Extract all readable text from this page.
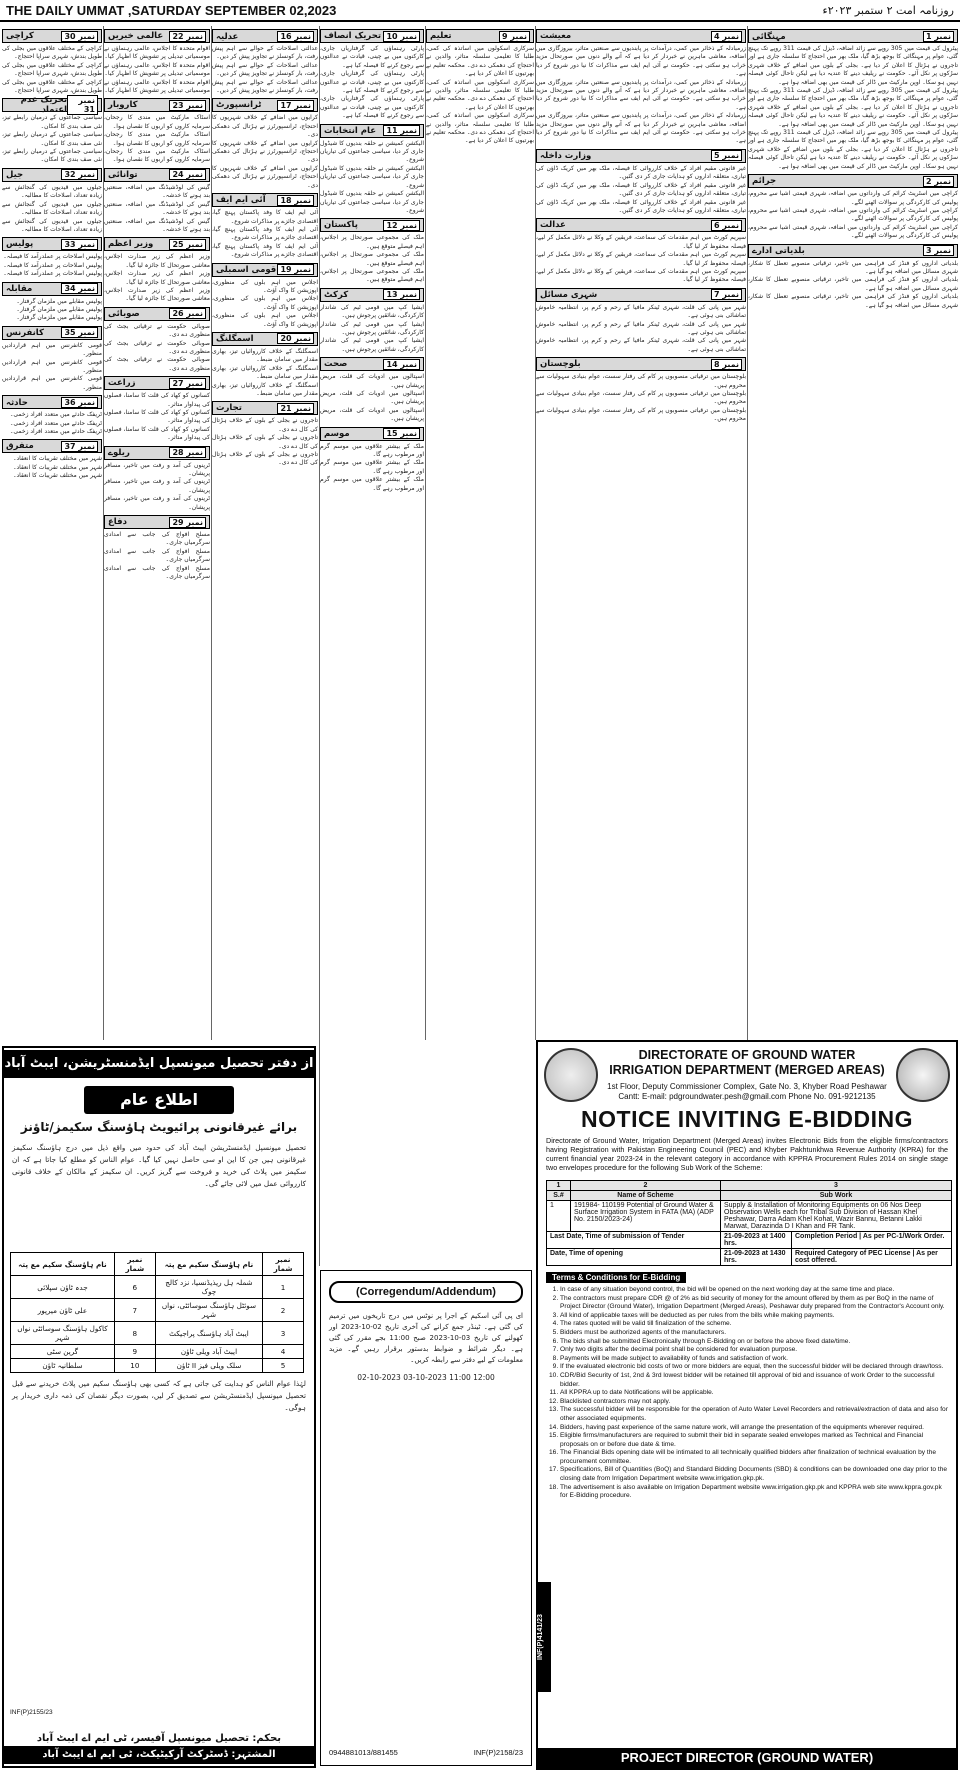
THE DAILY UMMAT ,SATURDAY SEPTEMBER 02,2023	روزنامہ امت ۲ ستمبر ۲۰۲۳ء
نمبر 1
مہنگائی

پیٹرول کی قیمت میں 305 روپے سے زائد اضافہ، ڈیزل کی قیمت 311 روپے تک پہنچ گئی، عوام پر مہنگائی کا بوجھ بڑھ گیا، ملک بھر میں احتجاج کا سلسلہ جاری ہے اور تاجروں نے ہڑتال کا اعلان کر دیا ہے۔ بجلی کے بلوں میں اضافے کے خلاف شہری سڑکوں پر نکل آئے۔ حکومت نے ریلیف دینے کا عندیہ دیا ہے لیکن تاحال کوئی فیصلہ نہیں ہو سکا۔ اوپن مارکیٹ میں ڈالر کی قیمت میں بھی اضافہ ہوا ہے۔

پیٹرول کی قیمت میں 305 روپے سے زائد اضافہ، ڈیزل کی قیمت 311 روپے تک پہنچ گئی، عوام پر مہنگائی کا بوجھ بڑھ گیا، ملک بھر میں احتجاج کا سلسلہ جاری ہے اور تاجروں نے ہڑتال کا اعلان کر دیا ہے۔ بجلی کے بلوں میں اضافے کے خلاف شہری سڑکوں پر نکل آئے۔ حکومت نے ریلیف دینے کا عندیہ دیا ہے لیکن تاحال کوئی فیصلہ نہیں ہو سکا۔ اوپن مارکیٹ میں ڈالر کی قیمت میں بھی اضافہ ہوا ہے۔

پیٹرول کی قیمت میں 305 روپے سے زائد اضافہ، ڈیزل کی قیمت 311 روپے تک پہنچ گئی، عوام پر مہنگائی کا بوجھ بڑھ گیا، ملک بھر میں احتجاج کا سلسلہ جاری ہے اور تاجروں نے ہڑتال کا اعلان کر دیا ہے۔ بجلی کے بلوں میں اضافے کے خلاف شہری سڑکوں پر نکل آئے۔ حکومت نے ریلیف دینے کا عندیہ دیا ہے لیکن تاحال کوئی فیصلہ نہیں ہو سکا۔ اوپن مارکیٹ میں ڈالر کی قیمت میں بھی اضافہ ہوا ہے۔

نمبر 2
جرائم

کراچی میں اسٹریٹ کرائم کی وارداتوں میں اضافہ، شہری قیمتی اشیا سے محروم، پولیس کی کارکردگی پر سوالات اٹھنے لگے۔

کراچی میں اسٹریٹ کرائم کی وارداتوں میں اضافہ، شہری قیمتی اشیا سے محروم، پولیس کی کارکردگی پر سوالات اٹھنے لگے۔

کراچی میں اسٹریٹ کرائم کی وارداتوں میں اضافہ، شہری قیمتی اشیا سے محروم، پولیس کی کارکردگی پر سوالات اٹھنے لگے۔

نمبر 3
بلدیاتی ادارے

بلدیاتی اداروں کو فنڈز کی فراہمی میں تاخیر، ترقیاتی منصوبے تعطل کا شکار، شہری مسائل میں اضافہ ہو گیا ہے۔

بلدیاتی اداروں کو فنڈز کی فراہمی میں تاخیر، ترقیاتی منصوبے تعطل کا شکار، شہری مسائل میں اضافہ ہو گیا ہے۔

بلدیاتی اداروں کو فنڈز کی فراہمی میں تاخیر، ترقیاتی منصوبے تعطل کا شکار، شہری مسائل میں اضافہ ہو گیا ہے۔

نمبر 4
معیشت

زرمبادلہ کے ذخائر میں کمی، درآمدات پر پابندیوں سے صنعتیں متاثر، بیروزگاری میں اضافہ، معاشی ماہرین نے خبردار کر دیا ہے کہ آنے والے دنوں میں صورتحال مزید خراب ہو سکتی ہے۔ حکومت نے آئی ایم ایف سے مذاکرات کا نیا دور شروع کر دیا ہے۔

زرمبادلہ کے ذخائر میں کمی، درآمدات پر پابندیوں سے صنعتیں متاثر، بیروزگاری میں اضافہ، معاشی ماہرین نے خبردار کر دیا ہے کہ آنے والے دنوں میں صورتحال مزید خراب ہو سکتی ہے۔ حکومت نے آئی ایم ایف سے مذاکرات کا نیا دور شروع کر دیا ہے۔

زرمبادلہ کے ذخائر میں کمی، درآمدات پر پابندیوں سے صنعتیں متاثر، بیروزگاری میں اضافہ، معاشی ماہرین نے خبردار کر دیا ہے کہ آنے والے دنوں میں صورتحال مزید خراب ہو سکتی ہے۔ حکومت نے آئی ایم ایف سے مذاکرات کا نیا دور شروع کر دیا ہے۔

نمبر 5
وزارت داخلہ

غیر قانونی مقیم افراد کے خلاف کارروائی کا فیصلہ، ملک بھر میں کریک ڈاؤن کی تیاری، متعلقہ اداروں کو ہدایات جاری کر دی گئیں۔

غیر قانونی مقیم افراد کے خلاف کارروائی کا فیصلہ، ملک بھر میں کریک ڈاؤن کی تیاری، متعلقہ اداروں کو ہدایات جاری کر دی گئیں۔

غیر قانونی مقیم افراد کے خلاف کارروائی کا فیصلہ، ملک بھر میں کریک ڈاؤن کی تیاری، متعلقہ اداروں کو ہدایات جاری کر دی گئیں۔

نمبر 6
عدالت

سپریم کورٹ میں اہم مقدمات کی سماعت، فریقین کے وکلا نے دلائل مکمل کر لیے، فیصلہ محفوظ کر لیا گیا۔

سپریم کورٹ میں اہم مقدمات کی سماعت، فریقین کے وکلا نے دلائل مکمل کر لیے، فیصلہ محفوظ کر لیا گیا۔

سپریم کورٹ میں اہم مقدمات کی سماعت، فریقین کے وکلا نے دلائل مکمل کر لیے، فیصلہ محفوظ کر لیا گیا۔

نمبر 7
شہری مسائل

شہر میں پانی کی قلت، شہری ٹینکر مافیا کے رحم و کرم پر، انتظامیہ خاموش تماشائی بنی ہوئی ہے۔

شہر میں پانی کی قلت، شہری ٹینکر مافیا کے رحم و کرم پر، انتظامیہ خاموش تماشائی بنی ہوئی ہے۔

شہر میں پانی کی قلت، شہری ٹینکر مافیا کے رحم و کرم پر، انتظامیہ خاموش تماشائی بنی ہوئی ہے۔

نمبر 8
بلوچستان

بلوچستان میں ترقیاتی منصوبوں پر کام کی رفتار سست، عوام بنیادی سہولیات سے محروم ہیں۔

بلوچستان میں ترقیاتی منصوبوں پر کام کی رفتار سست، عوام بنیادی سہولیات سے محروم ہیں۔

بلوچستان میں ترقیاتی منصوبوں پر کام کی رفتار سست، عوام بنیادی سہولیات سے محروم ہیں۔

نمبر 9
تعلیم

سرکاری اسکولوں میں اساتذہ کی کمی، طلبا کا تعلیمی سلسلہ متاثر، والدین نے احتجاج کی دھمکی دے دی۔ محکمہ تعلیم نے بھرتیوں کا اعلان کر دیا ہے۔

سرکاری اسکولوں میں اساتذہ کی کمی، طلبا کا تعلیمی سلسلہ متاثر، والدین نے احتجاج کی دھمکی دے دی۔ محکمہ تعلیم نے بھرتیوں کا اعلان کر دیا ہے۔

سرکاری اسکولوں میں اساتذہ کی کمی، طلبا کا تعلیمی سلسلہ متاثر، والدین نے احتجاج کی دھمکی دے دی۔ محکمہ تعلیم نے بھرتیوں کا اعلان کر دیا ہے۔

نمبر 10
تحریک انصاف

پارٹی رہنماؤں کی گرفتاریاں جاری، کارکنوں میں بے چینی، قیادت نے عدالتوں سے رجوع کرنے کا فیصلہ کیا ہے۔

پارٹی رہنماؤں کی گرفتاریاں جاری، کارکنوں میں بے چینی، قیادت نے عدالتوں سے رجوع کرنے کا فیصلہ کیا ہے۔

پارٹی رہنماؤں کی گرفتاریاں جاری، کارکنوں میں بے چینی، قیادت نے عدالتوں سے رجوع کرنے کا فیصلہ کیا ہے۔

نمبر 11
عام انتخابات

الیکشن کمیشن نے حلقہ بندیوں کا شیڈول جاری کر دیا، سیاسی جماعتوں کی تیاریاں شروع۔

الیکشن کمیشن نے حلقہ بندیوں کا شیڈول جاری کر دیا، سیاسی جماعتوں کی تیاریاں شروع۔

الیکشن کمیشن نے حلقہ بندیوں کا شیڈول جاری کر دیا، سیاسی جماعتوں کی تیاریاں شروع۔

نمبر 12
پاکستان

ملک کی مجموعی صورتحال پر اجلاس، اہم فیصلے متوقع ہیں۔

ملک کی مجموعی صورتحال پر اجلاس، اہم فیصلے متوقع ہیں۔

ملک کی مجموعی صورتحال پر اجلاس، اہم فیصلے متوقع ہیں۔

نمبر 13
کرکٹ

ایشیا کپ میں قومی ٹیم کی شاندار کارکردگی، شائقین پرجوش ہیں۔

ایشیا کپ میں قومی ٹیم کی شاندار کارکردگی، شائقین پرجوش ہیں۔

ایشیا کپ میں قومی ٹیم کی شاندار کارکردگی، شائقین پرجوش ہیں۔

نمبر 14
صحت

اسپتالوں میں ادویات کی قلت، مریض پریشان ہیں۔

اسپتالوں میں ادویات کی قلت، مریض پریشان ہیں۔

اسپتالوں میں ادویات کی قلت، مریض پریشان ہیں۔

نمبر 15
موسم

ملک کے بیشتر علاقوں میں موسم گرم اور مرطوب رہے گا۔

ملک کے بیشتر علاقوں میں موسم گرم اور مرطوب رہے گا۔

ملک کے بیشتر علاقوں میں موسم گرم اور مرطوب رہے گا۔

نمبر 16
عدلیہ

عدالتی اصلاحات کے حوالے سے اہم پیش رفت، بار کونسلز نے تجاویز پیش کر دیں۔

عدالتی اصلاحات کے حوالے سے اہم پیش رفت، بار کونسلز نے تجاویز پیش کر دیں۔

عدالتی اصلاحات کے حوالے سے اہم پیش رفت، بار کونسلز نے تجاویز پیش کر دیں۔

نمبر 17
ٹرانسپورٹ

کرایوں میں اضافے کے خلاف شہریوں کا احتجاج، ٹرانسپورٹرز نے ہڑتال کی دھمکی دی۔

کرایوں میں اضافے کے خلاف شہریوں کا احتجاج، ٹرانسپورٹرز نے ہڑتال کی دھمکی دی۔

کرایوں میں اضافے کے خلاف شہریوں کا احتجاج، ٹرانسپورٹرز نے ہڑتال کی دھمکی دی۔

نمبر 18
آئی ایم ایف

آئی ایم ایف کا وفد پاکستان پہنچ گیا، اقتصادی جائزے پر مذاکرات شروع۔

آئی ایم ایف کا وفد پاکستان پہنچ گیا، اقتصادی جائزے پر مذاکرات شروع۔

آئی ایم ایف کا وفد پاکستان پہنچ گیا، اقتصادی جائزے پر مذاکرات شروع۔

نمبر 19
قومی اسمبلی

اجلاس میں اہم بلوں کی منظوری، اپوزیشن کا واک آؤٹ۔

اجلاس میں اہم بلوں کی منظوری، اپوزیشن کا واک آؤٹ۔

اجلاس میں اہم بلوں کی منظوری، اپوزیشن کا واک آؤٹ۔

نمبر 20
اسمگلنگ

اسمگلنگ کے خلاف کارروائیاں تیز، بھاری مقدار میں سامان ضبط۔

اسمگلنگ کے خلاف کارروائیاں تیز، بھاری مقدار میں سامان ضبط۔

اسمگلنگ کے خلاف کارروائیاں تیز، بھاری مقدار میں سامان ضبط۔

نمبر 21
تجارت

تاجروں نے بجلی کے بلوں کے خلاف ہڑتال کی کال دے دی۔

تاجروں نے بجلی کے بلوں کے خلاف ہڑتال کی کال دے دی۔

تاجروں نے بجلی کے بلوں کے خلاف ہڑتال کی کال دے دی۔

نمبر 22
عالمی خبریں

اقوام متحدہ کا اجلاس، عالمی رہنماؤں نے موسمیاتی تبدیلی پر تشویش کا اظہار کیا۔

اقوام متحدہ کا اجلاس، عالمی رہنماؤں نے موسمیاتی تبدیلی پر تشویش کا اظہار کیا۔

اقوام متحدہ کا اجلاس، عالمی رہنماؤں نے موسمیاتی تبدیلی پر تشویش کا اظہار کیا۔

نمبر 23
کاروبار

اسٹاک مارکیٹ میں مندی کا رجحان، سرمایہ کاروں کو اربوں کا نقصان ہوا۔

اسٹاک مارکیٹ میں مندی کا رجحان، سرمایہ کاروں کو اربوں کا نقصان ہوا۔

اسٹاک مارکیٹ میں مندی کا رجحان، سرمایہ کاروں کو اربوں کا نقصان ہوا۔

نمبر 24
توانائی

گیس کی لوڈشیڈنگ میں اضافہ، صنعتیں بند ہونے کا خدشہ۔

گیس کی لوڈشیڈنگ میں اضافہ، صنعتیں بند ہونے کا خدشہ۔

گیس کی لوڈشیڈنگ میں اضافہ، صنعتیں بند ہونے کا خدشہ۔

نمبر 25
وزیر اعظم

وزیر اعظم کی زیر صدارت اجلاس، معاشی صورتحال کا جائزہ لیا گیا۔

وزیر اعظم کی زیر صدارت اجلاس، معاشی صورتحال کا جائزہ لیا گیا۔

وزیر اعظم کی زیر صدارت اجلاس، معاشی صورتحال کا جائزہ لیا گیا۔

نمبر 26
صوبائی

صوبائی حکومت نے ترقیاتی بجٹ کی منظوری دے دی۔

صوبائی حکومت نے ترقیاتی بجٹ کی منظوری دے دی۔

صوبائی حکومت نے ترقیاتی بجٹ کی منظوری دے دی۔

نمبر 27
زراعت

کسانوں کو کھاد کی قلت کا سامنا، فصلوں کی پیداوار متاثر۔

کسانوں کو کھاد کی قلت کا سامنا، فصلوں کی پیداوار متاثر۔

کسانوں کو کھاد کی قلت کا سامنا، فصلوں کی پیداوار متاثر۔

نمبر 28
ریلوے

ٹرینوں کی آمد و رفت میں تاخیر، مسافر پریشان۔

ٹرینوں کی آمد و رفت میں تاخیر، مسافر پریشان۔

ٹرینوں کی آمد و رفت میں تاخیر، مسافر پریشان۔

نمبر 29
دفاع

مسلح افواج کی جانب سے امدادی سرگرمیاں جاری۔

مسلح افواج کی جانب سے امدادی سرگرمیاں جاری۔

مسلح افواج کی جانب سے امدادی سرگرمیاں جاری۔

نمبر 30
کراچی

کراچی کے مختلف علاقوں میں بجلی کی طویل بندش، شہری سراپا احتجاج۔

کراچی کے مختلف علاقوں میں بجلی کی طویل بندش، شہری سراپا احتجاج۔

کراچی کے مختلف علاقوں میں بجلی کی طویل بندش، شہری سراپا احتجاج۔

نمبر 31
تحریک عدم اعتماد

سیاسی جماعتوں کے درمیان رابطے تیز، نئی صف بندی کا امکان۔

سیاسی جماعتوں کے درمیان رابطے تیز، نئی صف بندی کا امکان۔

سیاسی جماعتوں کے درمیان رابطے تیز، نئی صف بندی کا امکان۔

نمبر 32
جیل

جیلوں میں قیدیوں کی گنجائش سے زیادہ تعداد، اصلاحات کا مطالبہ۔

جیلوں میں قیدیوں کی گنجائش سے زیادہ تعداد، اصلاحات کا مطالبہ۔

جیلوں میں قیدیوں کی گنجائش سے زیادہ تعداد، اصلاحات کا مطالبہ۔

نمبر 33
پولیس

پولیس اصلاحات پر عملدرآمد کا فیصلہ۔

پولیس اصلاحات پر عملدرآمد کا فیصلہ۔

پولیس اصلاحات پر عملدرآمد کا فیصلہ۔

نمبر 34
مقابلہ

پولیس مقابلے میں ملزمان گرفتار۔

پولیس مقابلے میں ملزمان گرفتار۔

پولیس مقابلے میں ملزمان گرفتار۔

نمبر 35
کانفرنس

قومی کانفرنس میں اہم قراردادیں منظور۔

قومی کانفرنس میں اہم قراردادیں منظور۔

قومی کانفرنس میں اہم قراردادیں منظور۔

نمبر 36
حادثہ

ٹریفک حادثے میں متعدد افراد زخمی۔

ٹریفک حادثے میں متعدد افراد زخمی۔

ٹریفک حادثے میں متعدد افراد زخمی۔

نمبر 37
متفرق

شہر میں مختلف تقریبات کا انعقاد۔

شہر میں مختلف تقریبات کا انعقاد۔

شہر میں مختلف تقریبات کا انعقاد۔

DIRECTORATE OF GROUND WATER IRRIGATION DEPARTMENT (MERGED AREAS)
1st Floor, Deputy Commissioner Complex, Gate No. 3, Khyber Road Peshawar Cantt: E-mail: pdgroundwater.pesh@gmail.com Phone No. 091-9212135
NOTICE INVITING E-BIDDING
Directorate of Ground Water, Irrigation Department (Merged Areas) invites Electronic Bids from the eligible firms/contractors having Registration with Pakistan Engineering Council (PEC) and Khyber Pakhtunkhwa Revenue Authority (KPRA) for the current financial year 2023-24 in the relevant category in accordance with KPPRA Procurement Rules 2014 on single stage two envelopes procedure for the following Sub Work of the Scheme:
1	2	3	
S.#	Name of Scheme	Sub Work	
1	191984- 110199 Potential of Ground Water & Surface Irrigation System in FATA (MA) (ADP No. 2150/2023-24)	Supply & Installation of Monitoring Equipments on 06 Nos Deep Observation Wells each for Tribal Sub Division of Hassan Khel Peshawar, Darra Adam Khel Kohat, Wazir Bannu, Betanni Lakki Marwat, Darazinda D I Khan and FR Tank.	
Last Date, Time of submission of Tender		21-09-2023 at 1400 hrs.	Completion Period | As per PC-1/Work Order.
Date, Time of opening		21-09-2023 at 1430 hrs.	Required Category of PEC License | As per cost offered.
Terms & Conditions for E-Bidding
1. In case of any situation beyond control, the bid will be opened on the next working day at the same time and place.
2. The contractors must prepare CDR @ of 2% as bid security of money for the amount offered by them as per BoQ in the name of Project Director (Ground Water), Irrigation Department (Merged Areas), Peshawar duly prepared from the Contractor's Account only.
3. All kind of applicable taxes will be deducted as per rules from the bills while making payments.
4. The rates quoted will be valid till finalization of the scheme.
5. Bidders must be authorized agents of the manufacturers.
6. The bids shall be submitted Electronically through E-Bidding on or before the above fixed date/time.
7. Only two digits after the decimal point shall be considered for evaluation purpose.
8. Payments will be made subject to availability of funds and satisfaction of work.
9. If the evaluated electronic bid costs of two or more bidders are equal, then the successful bidder will be declared through draw/toss.
10. CDR/Bid Security of 1st, 2nd & 3rd lowest bidder will be retained till approval of bid and issuance of work Order to the successful bidder.
11. All KPPRA up to date Notifications will be applicable.
12. Blacklisted contractors may not apply.
13. The successful bidder will be responsible for the operation of Auto Water Level Recorders and retrieval/extraction of data and also for other associated equipments.
14. Bidders, having past experience of the same nature work, will arrange the presentation of the equipments wherever required.
15. Eligible firms/manufacturers are required to submit their bid in separate sealed envelopes marked as Technical and Financial proposals on or before due date & time.
16. The Financial Bids opening date will be intimated to all technically qualified bidders after finalization of technical evaluation by the procurement committee.
17. Specifications, Bill of Quantities (BoQ) and Standard Bidding Documents (SBD) & conditions can be downloaded one day prior to the closing date from Irrigation Department website www.irrigation.gkp.pk.
18. The advertisement is also available on Irrigation Department website www.irrigation.gkp.pk and KPPRA web site www.kppra.gov.pk for E-Bidding procedure.
INF(P)4141/23
PROJECT DIRECTOR (GROUND WATER)
(Corregendum/Addendum)

ای پی آئی اسکیم کے اجرا پر نوٹس میں درج تاریخوں میں ترمیم کی گئی ہے۔ ٹینڈر جمع کرانے کی آخری تاریخ 02-10-2023 اور کھولنے کی تاریخ 03-10-2023 صبح 11:00 بجے مقرر کی گئی ہے۔ دیگر شرائط و ضوابط بدستور برقرار رہیں گے۔ مزید معلومات کے لیے دفتر سے رابطہ کریں۔

02-10-2023 03-10-2023 11:00 12:00

0944881013/881455	INF(P)2158/23
از دفتر تحصیل میونسپل ایڈمنسٹریشن، ایبٹ آباد
اطلاع عام
برائے غیرقانونی پرائیویٹ ہاؤسنگ سکیمز/ٹاؤنز

تحصیل میونسپل ایڈمنسٹریشن ایبٹ آباد کی حدود میں واقع ذیل میں درج ہاؤسنگ سکیمز غیرقانونی ہیں جن کا این او سی حاصل نہیں کیا گیا۔ عوام الناس کو مطلع کیا جاتا ہے کہ ان سکیمز میں پلاٹ کی خرید و فروخت سے گریز کریں۔ ان سکیمز کے مالکان کے خلاف قانونی کارروائی عمل میں لائی جائے گی۔

نمبر شمار	نام ہاؤسنگ سکیم مع پتہ	نمبر شمار	نام ہاؤسنگ سکیم مع پتہ
1	شملہ ہل ریذیڈنسیا، نزد کالج چوک	6	جدہ ٹاؤن سپلائی
2	سوئٹل ہاؤسنگ سوسائٹی، نواں شہر	7	علی ٹاؤن میرپور
3	ایبٹ آباد ہاؤسنگ پراجیکٹ	8	کاکول ہاؤسنگ سوسائٹی نواں شہر
4	ایبٹ آباد ویلی ٹاؤن	9	گرین سٹی
5	سلک ویلی فیز II ٹاؤن	10	سلطانیہ ٹاؤن

لہٰذا عوام الناس کو ہدایت کی جاتی ہے کہ کسی بھی ہاؤسنگ سکیم میں پلاٹ خریدنے سے قبل تحصیل میونسپل ایڈمنسٹریشن سے تصدیق کر لیں، بصورت دیگر نقصان کی ذمہ داری خریدار پر ہوگی۔

INF(P)2155/23
بحکم: تحصیل میونسپل آفیسر، ٹی ایم اے ایبٹ آباد
المشتہر: ڈسٹرکٹ آرکیٹیکٹ، ٹی ایم اے ایبٹ آباد
